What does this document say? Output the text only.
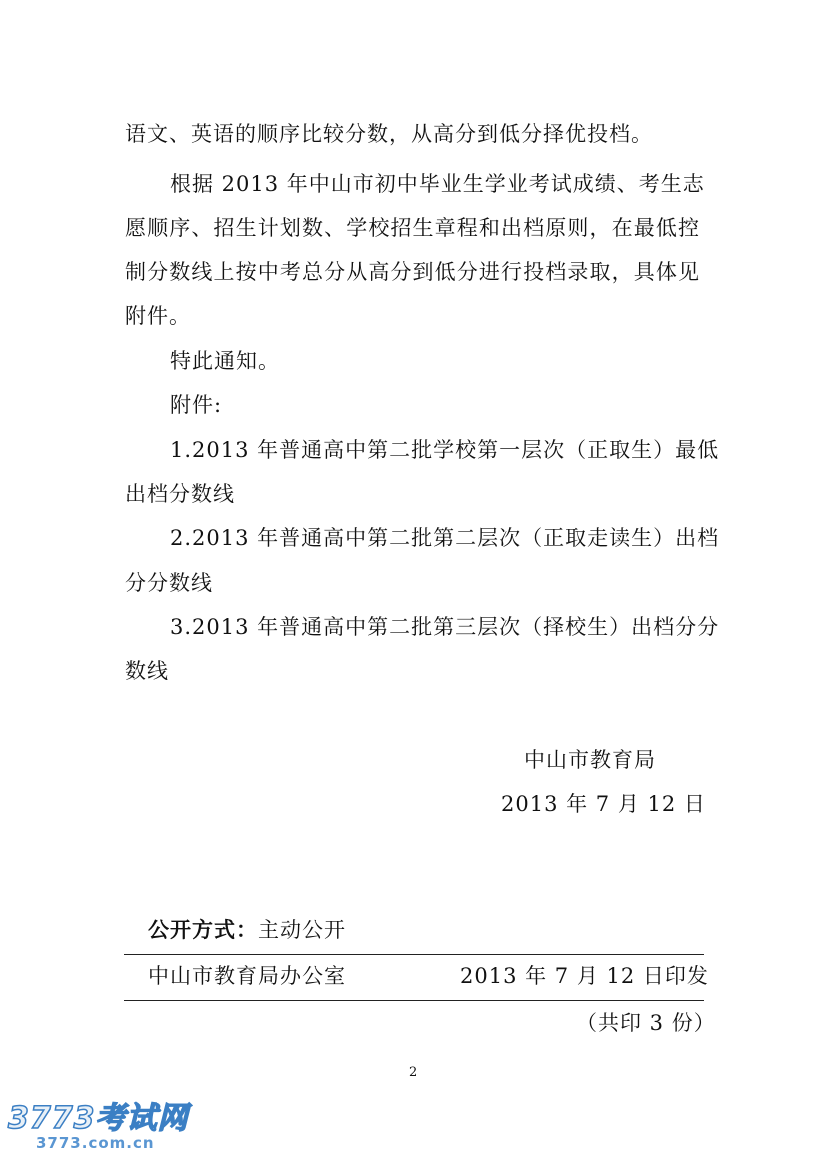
语文、英语的顺序比较分数，从高分到低分择优投档。
根据 2013 年中山市初中毕业生学业考试成绩、考生志
愿顺序、招生计划数、学校招生章程和出档原则，在最低控
制分数线上按中考总分从高分到低分进行投档录取，具体见
附件。
特此通知。
附件:
1.2013 年普通高中第二批学校第一层次（正取生）最低
出档分数线
2.2013 年普通高中第二批第二层次（正取走读生）出档
分分数线
3.2013 年普通高中第二批第三层次（择校生）出档分分
数线
中山市教育局
2013 年 7 月 12 日
公开方式：主动公开
中山市教育局办公室	2013 年 7 月 12 日印发
（共印 3 份）
2
3773考试网
3773.com.cn
